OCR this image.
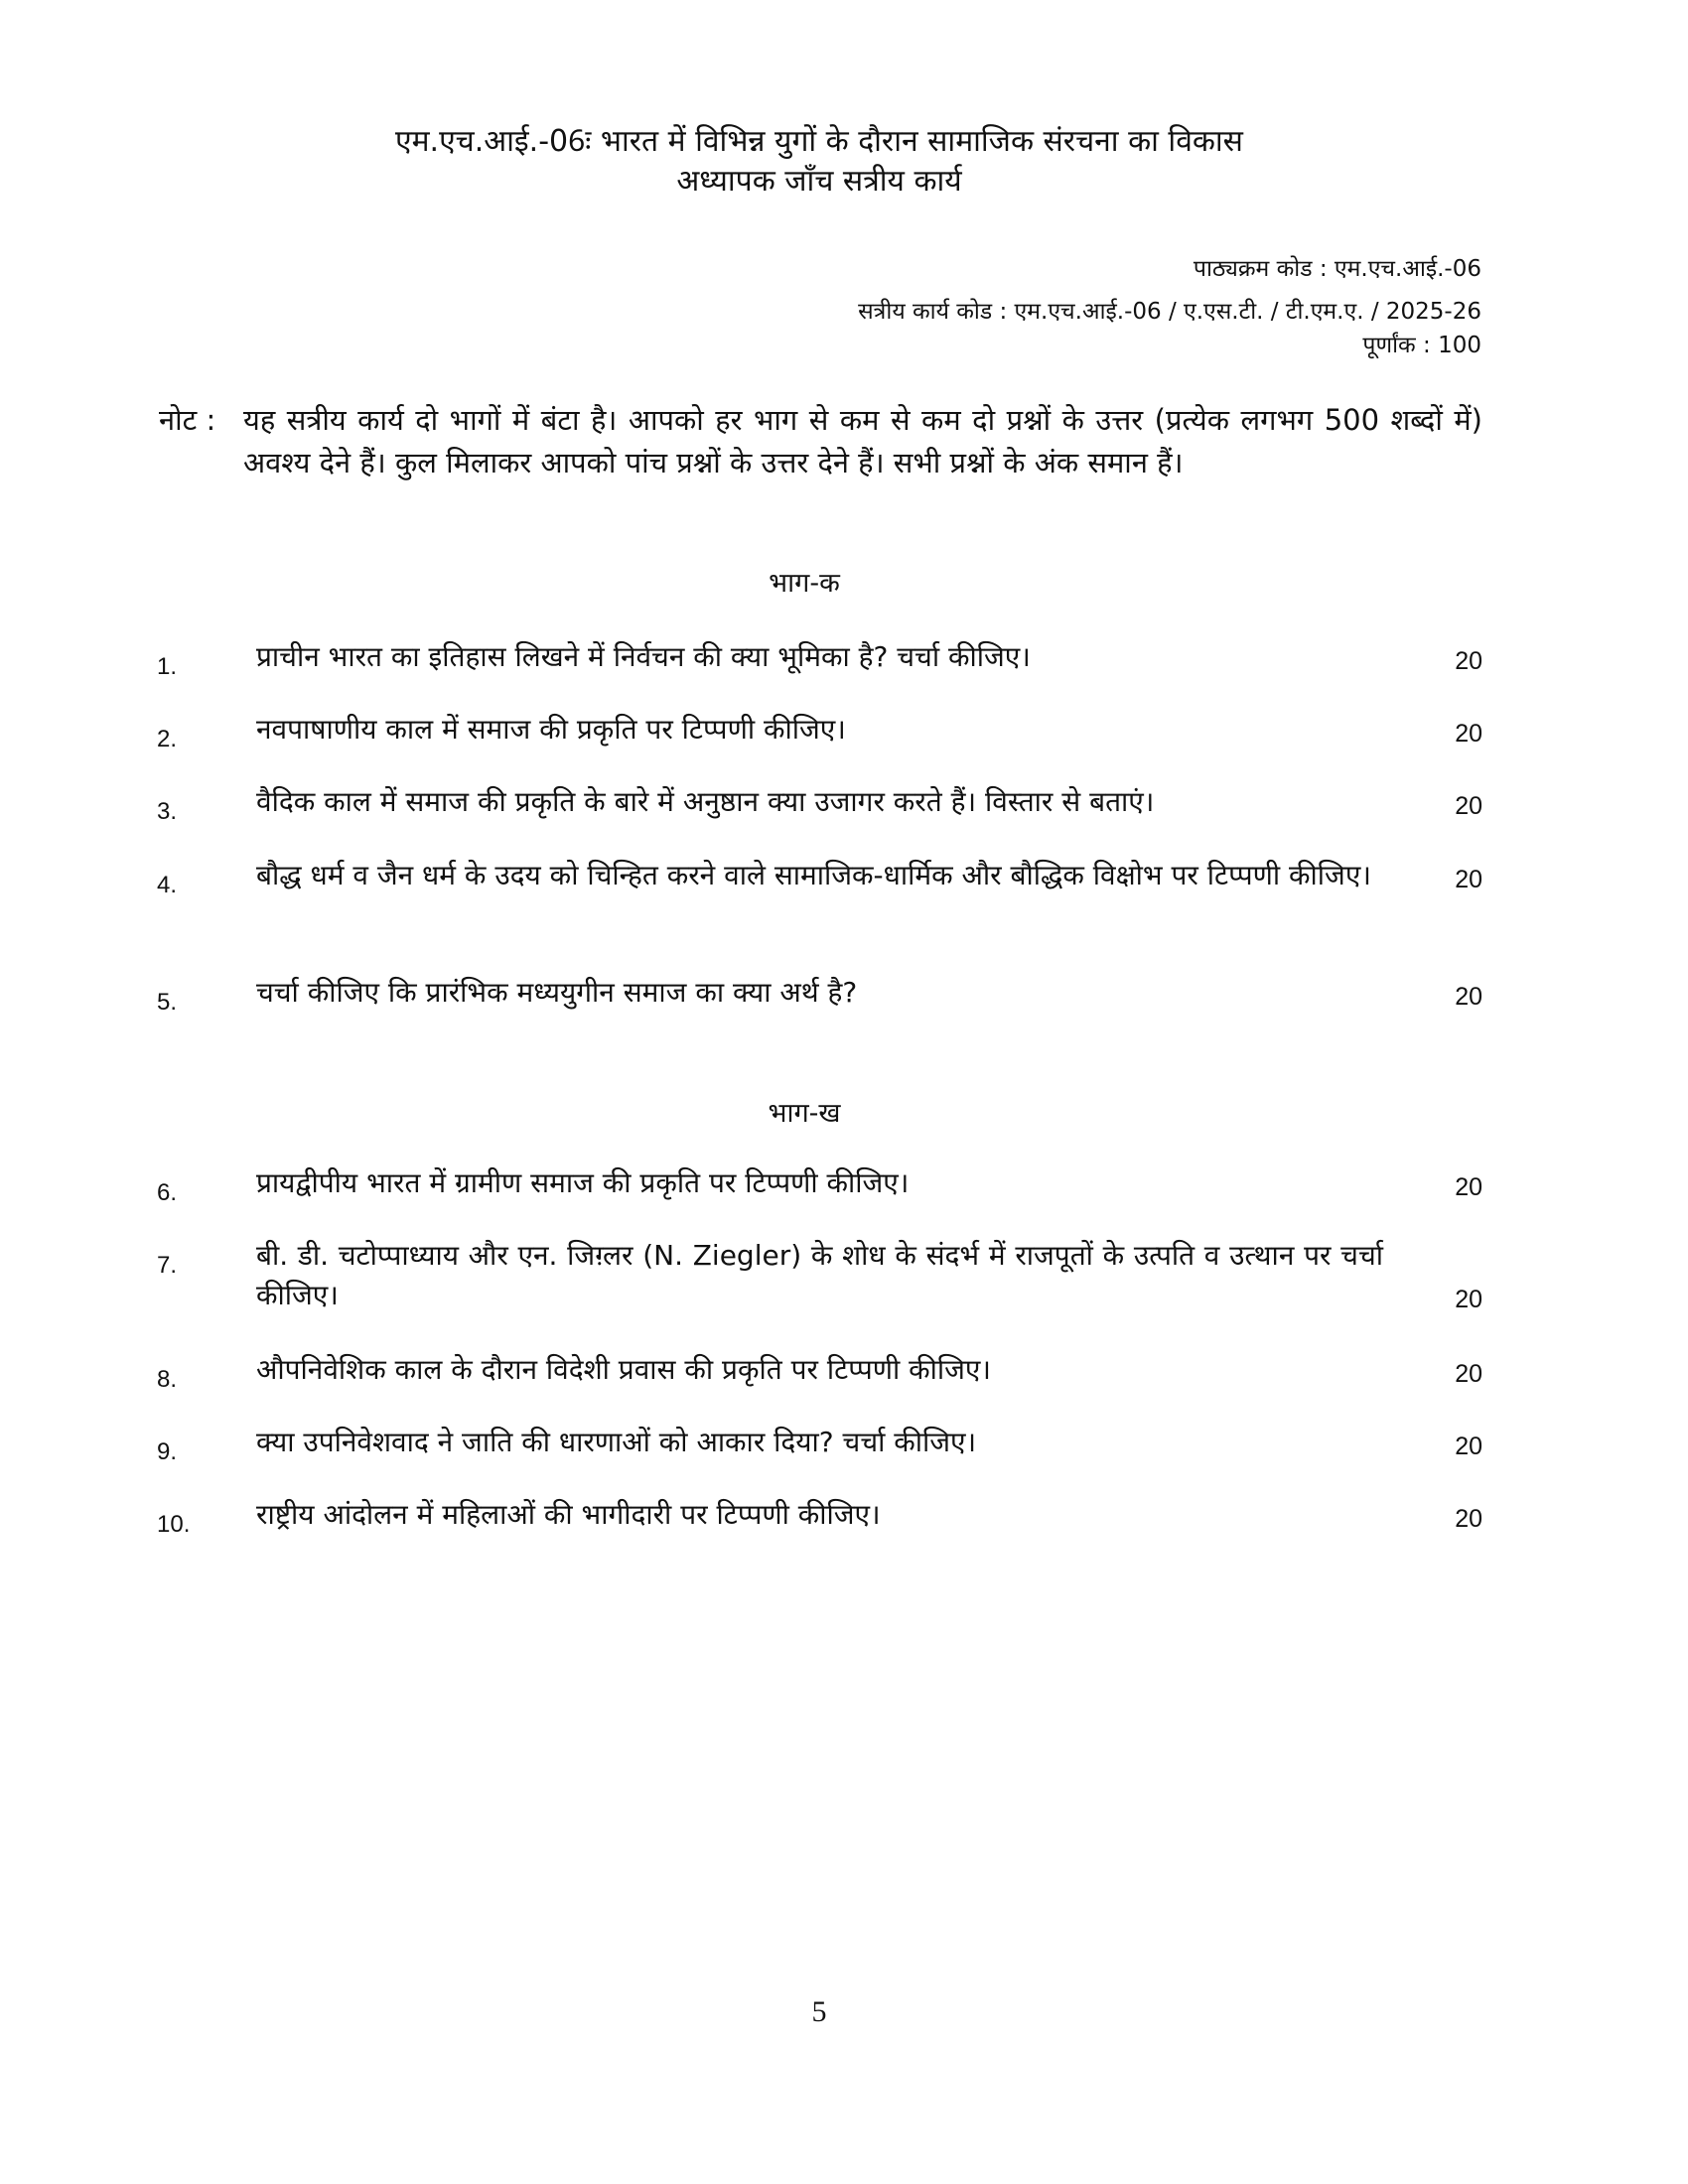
एम.एच.आई.-06ः भारत में विभिन्न युगों के दौरान सामाजिक संरचना का विकास
अध्यापक जाँच सत्रीय कार्य
पाठ्यक्रम कोड : एम.एच.आई.-06
सत्रीय कार्य कोड : एम.एच.आई.-06 / ए.एस.टी. / टी.एम.ए. / 2025-26
पूर्णांक : 100
नोट : यह सत्रीय कार्य दो भागों में बंटा है। आपको हर भाग से कम से कम दो प्रश्नों के उत्तर (प्रत्येक लगभग 500 शब्दों में) अवश्य देने हैं। कुल मिलाकर आपको पांच प्रश्नों के उत्तर देने हैं। सभी प्रश्नों के अंक समान हैं।
भाग-क
1.	प्राचीन भारत का इतिहास लिखने में निर्वचन की क्या भूमिका है? चर्चा कीजिए।	20
2.	नवपाषाणीय काल में समाज की प्रकृति पर टिप्पणी कीजिए।	20
3.	वैदिक काल में समाज की प्रकृति के बारे में अनुष्ठान क्या उजागर करते हैं। विस्तार से बताएं।	20
4.	बौद्ध धर्म व जैन धर्म के उदय को चिन्हित करने वाले सामाजिक-धार्मिक और बौद्धिक विक्षोभ पर टिप्पणी कीजिए।	20
5.	चर्चा कीजिए कि प्रारंभिक मध्ययुगीन समाज का क्या अर्थ है?	20
भाग-ख
6.	प्रायद्वीपीय भारत में ग्रामीण समाज की प्रकृति पर टिप्पणी कीजिए।	20
7.	बी. डी. चटोप्पाध्याय और एन. जिग़्लर (N. Ziegler) के शोध के संदर्भ में राजपूतों के उत्पति व उत्थान पर चर्चा कीजिए।	20
8.	औपनिवेशिक काल के दौरान विदेशी प्रवास की प्रकृति पर टिप्पणी कीजिए।	20
9.	क्या उपनिवेशवाद ने जाति की धारणाओं को आकार दिया? चर्चा कीजिए।	20
10. राष्ट्रीय आंदोलन में महिलाओं की भागीदारी पर टिप्पणी कीजिए।	20
5
